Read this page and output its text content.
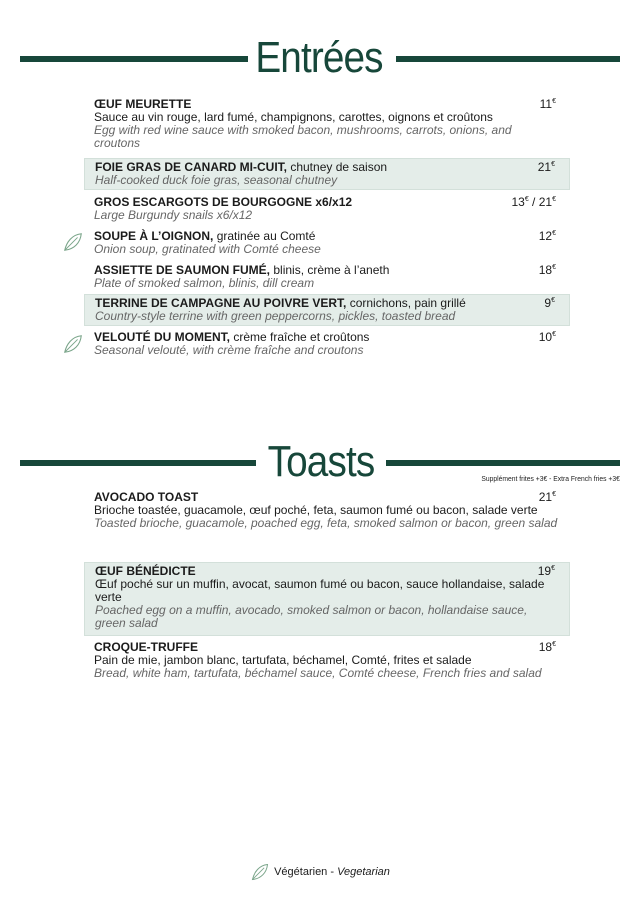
Entrées
ŒUF MEURETTE
Sauce au vin rouge, lard fumé, champignons, carottes, oignons et croûtons
Egg with red wine sauce with smoked bacon, mushrooms, carrots, onions, and croutons
11€
FOIE GRAS DE CANARD MI-CUIT, chutney de saison
Half-cooked duck foie gras, seasonal chutney
21€
GROS ESCARGOTS DE BOURGOGNE x6/x12
Large Burgundy snails x6/x12
13€ / 21€
SOUPE À L’OIGNON, gratinée au Comté
Onion soup, gratinated with Comté cheese
12€
ASSIETTE DE SAUMON FUMÉ, blinis, crème à l’aneth
Plate of smoked salmon, blinis, dill cream
18€
TERRINE DE CAMPAGNE AU POIVRE VERT, cornichons, pain grillé
Country-style terrine with green peppercorns, pickles, toasted bread
9€
VELOUTÉ DU MOMENT, crème fraîche et croûtons
Seasonal velouté, with crème fraîche and croutons
10€
Toasts	Supplément frites +3€ - Extra French fries +3€
AVOCADO TOAST
Brioche toastée, guacamole, œuf poché, feta, saumon fumé ou bacon, salade verte
Toasted brioche, guacamole, poached egg, feta, smoked salmon or bacon, green salad
21€
ŒUF BÉNÉDICTE
Œuf poché sur un muffin, avocat, saumon fumé ou bacon, sauce hollandaise, salade verte
Poached egg on a muffin, avocado, smoked salmon or bacon, hollandaise sauce, green salad
19€
CROQUE-TRUFFE
Pain de mie, jambon blanc, tartufata, béchamel, Comté, frites et salade
Bread, white ham, tartufata, béchamel sauce, Comté cheese, French fries and salad
18€
Végétarien - Vegetarian
